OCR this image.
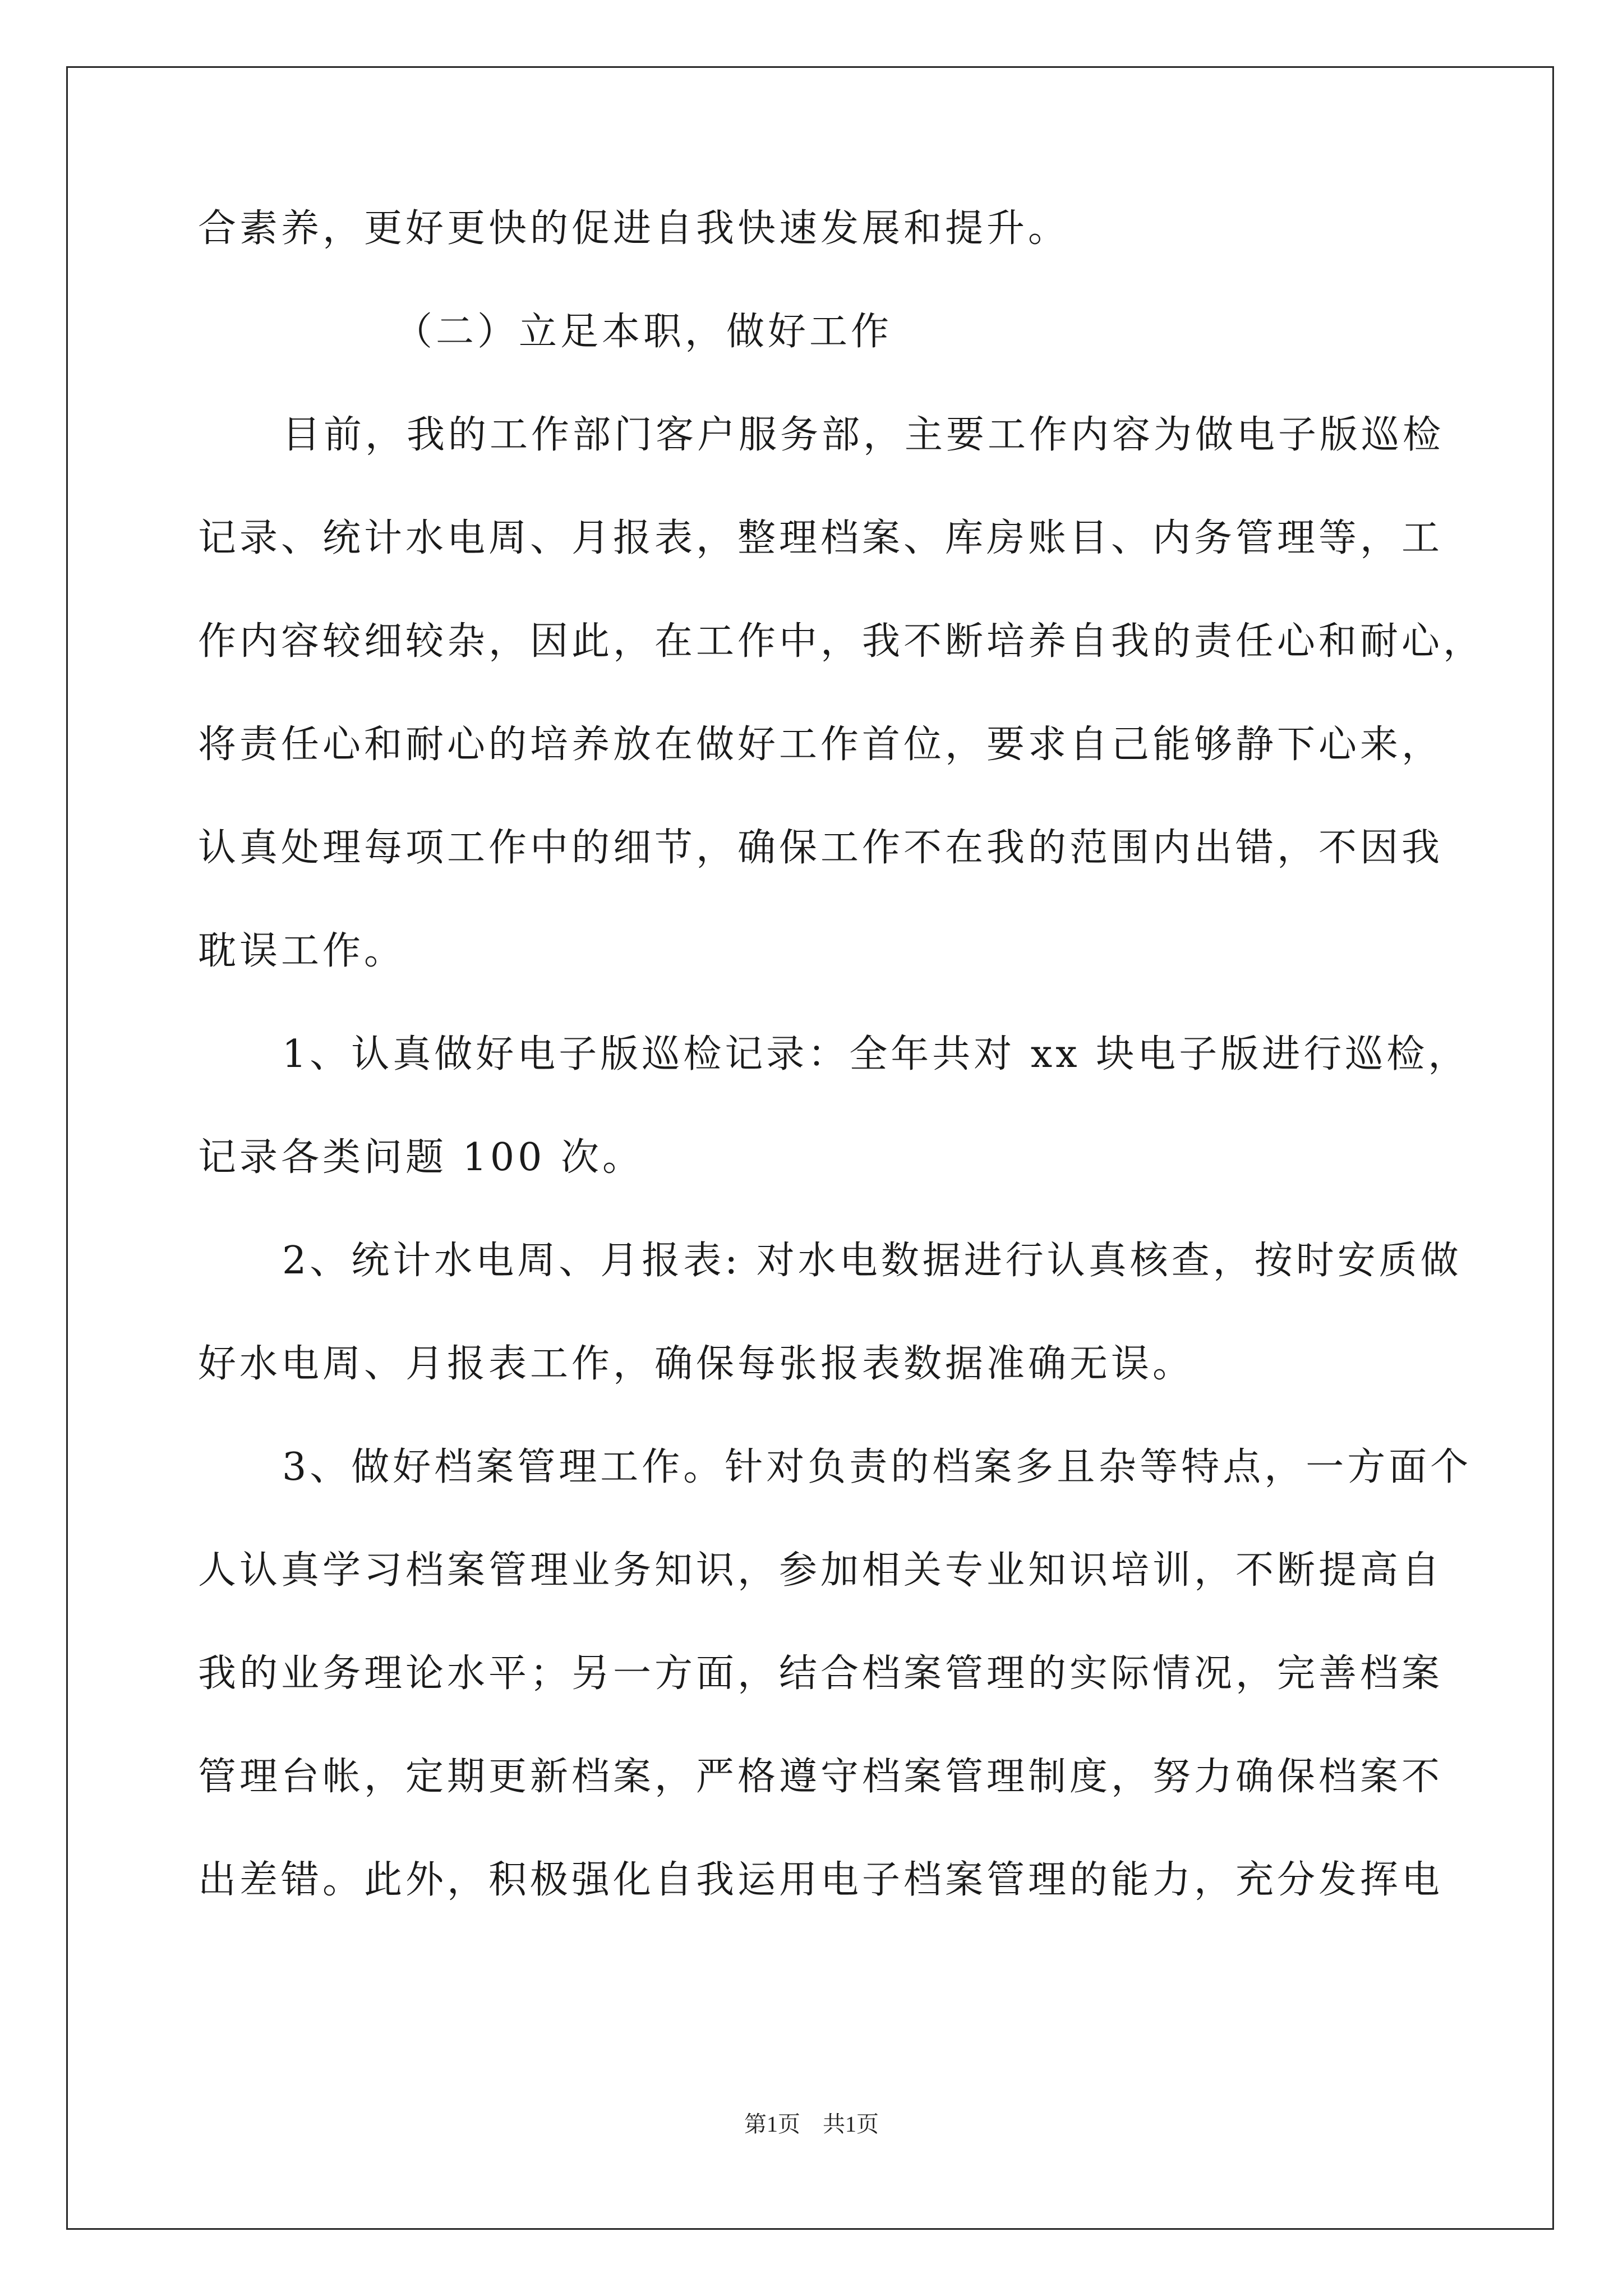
合素养，更好更快的促进自我快速发展和提升。
（二）立足本职，做好工作
目前，我的工作部门客户服务部，主要工作内容为做电子版巡检
记录、统计水电周、月报表，整理档案、库房账目、内务管理等，工
作内容较细较杂，因此，在工作中，我不断培养自我的责任心和耐心，
将责任心和耐心的培养放在做好工作首位，要求自己能够静下心来，
认真处理每项工作中的细节，确保工作不在我的范围内出错，不因我
耽误工作。
1、认真做好电子版巡检记录：全年共对 xx 块电子版进行巡检，
记录各类问题 100 次。
2、统计水电周、月报表: 对水电数据进行认真核查，按时安质做
好水电周、月报表工作，确保每张报表数据准确无误。
3、做好档案管理工作。针对负责的档案多且杂等特点，一方面个
人认真学习档案管理业务知识，参加相关专业知识培训，不断提高自
我的业务理论水平；另一方面，结合档案管理的实际情况，完善档案
管理台帐，定期更新档案，严格遵守档案管理制度，努力确保档案不
出差错。此外，积极强化自我运用电子档案管理的能力，充分发挥电
第1页 共1页
